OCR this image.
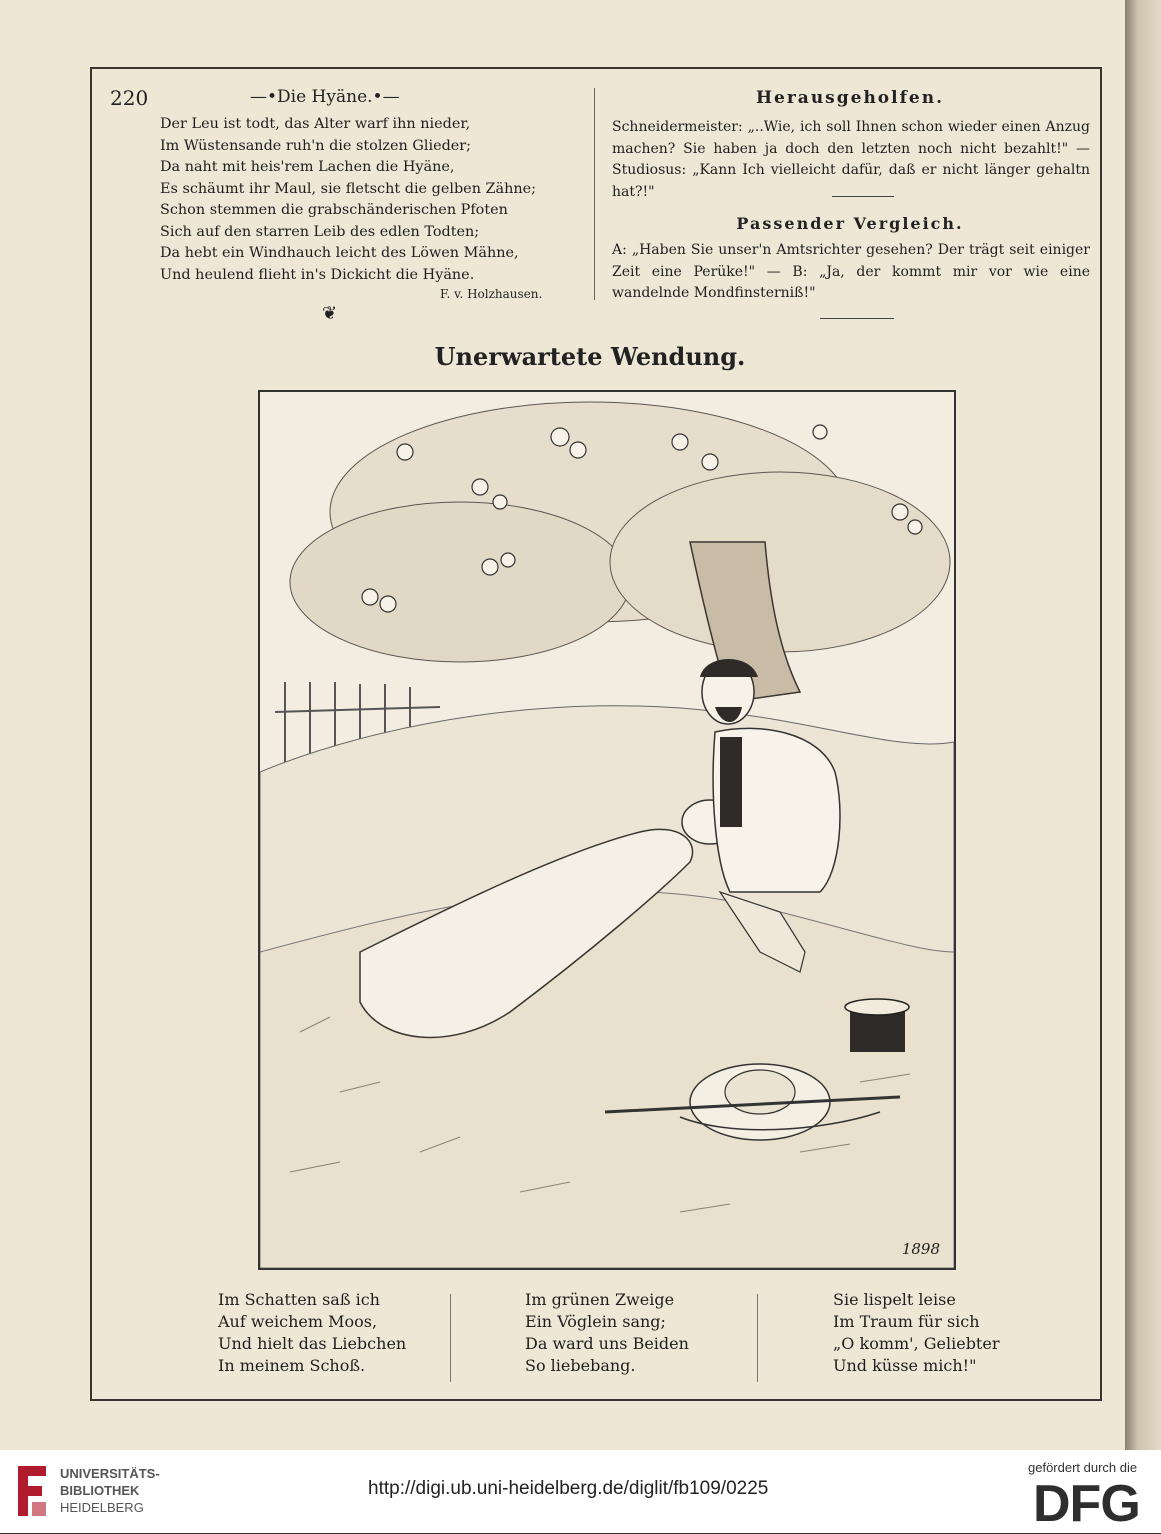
220	—•Die Hyäne.•—	Herausgeholfen.
Der Leu ist todt, das Alter warf ihn nieder,
Im Wüstensande ruh'n die stolzen Glieder;
Da naht mit heis'rem Lachen die Hyäne,
Es schäumt ihr Maul, sie fletscht die gelben Zähne;
Schon stemmen die grabschänderischen Pfoten
Sich auf den starren Leib des edlen Todten;
Da hebt ein Windhauch leicht des Löwen Mähne,
Und heulend flieht in's Dickicht die Hyäne.
F. v. Holzhausen.
❦
Schneidermeister: „..Wie, ich soll Ihnen schon wieder einen Anzug machen? Sie haben ja doch den letzten noch nicht bezahlt!" — Studiosus: „Kann Ich vielleicht dafür, daß er nicht länger gehaltn hat?!"
Passender Vergleich.
A: „Haben Sie unser'n Amtsrichter gesehen? Der trägt seit einiger Zeit eine Perüke!" — B: „Ja, der kommt mir vor wie eine wandelnde Mondfinsterniß!"
Unerwartete Wendung.
1898
Im Schatten saß ich
Auf weichem Moos,
Und hielt das Liebchen
In meinem Schoß.
Im grünen Zweige
Ein Vöglein sang;
Da ward uns Beiden
So liebebang.
Sie lispelt leise
Im Traum für sich
„O komm', Geliebter
Und küsse mich!"
UNIVERSITÄTS-
BIBLIOTHEK
HEIDELBERG
http://digi.ub.uni-heidelberg.de/diglit/fb109/0225
gefördert durch die
DFG
